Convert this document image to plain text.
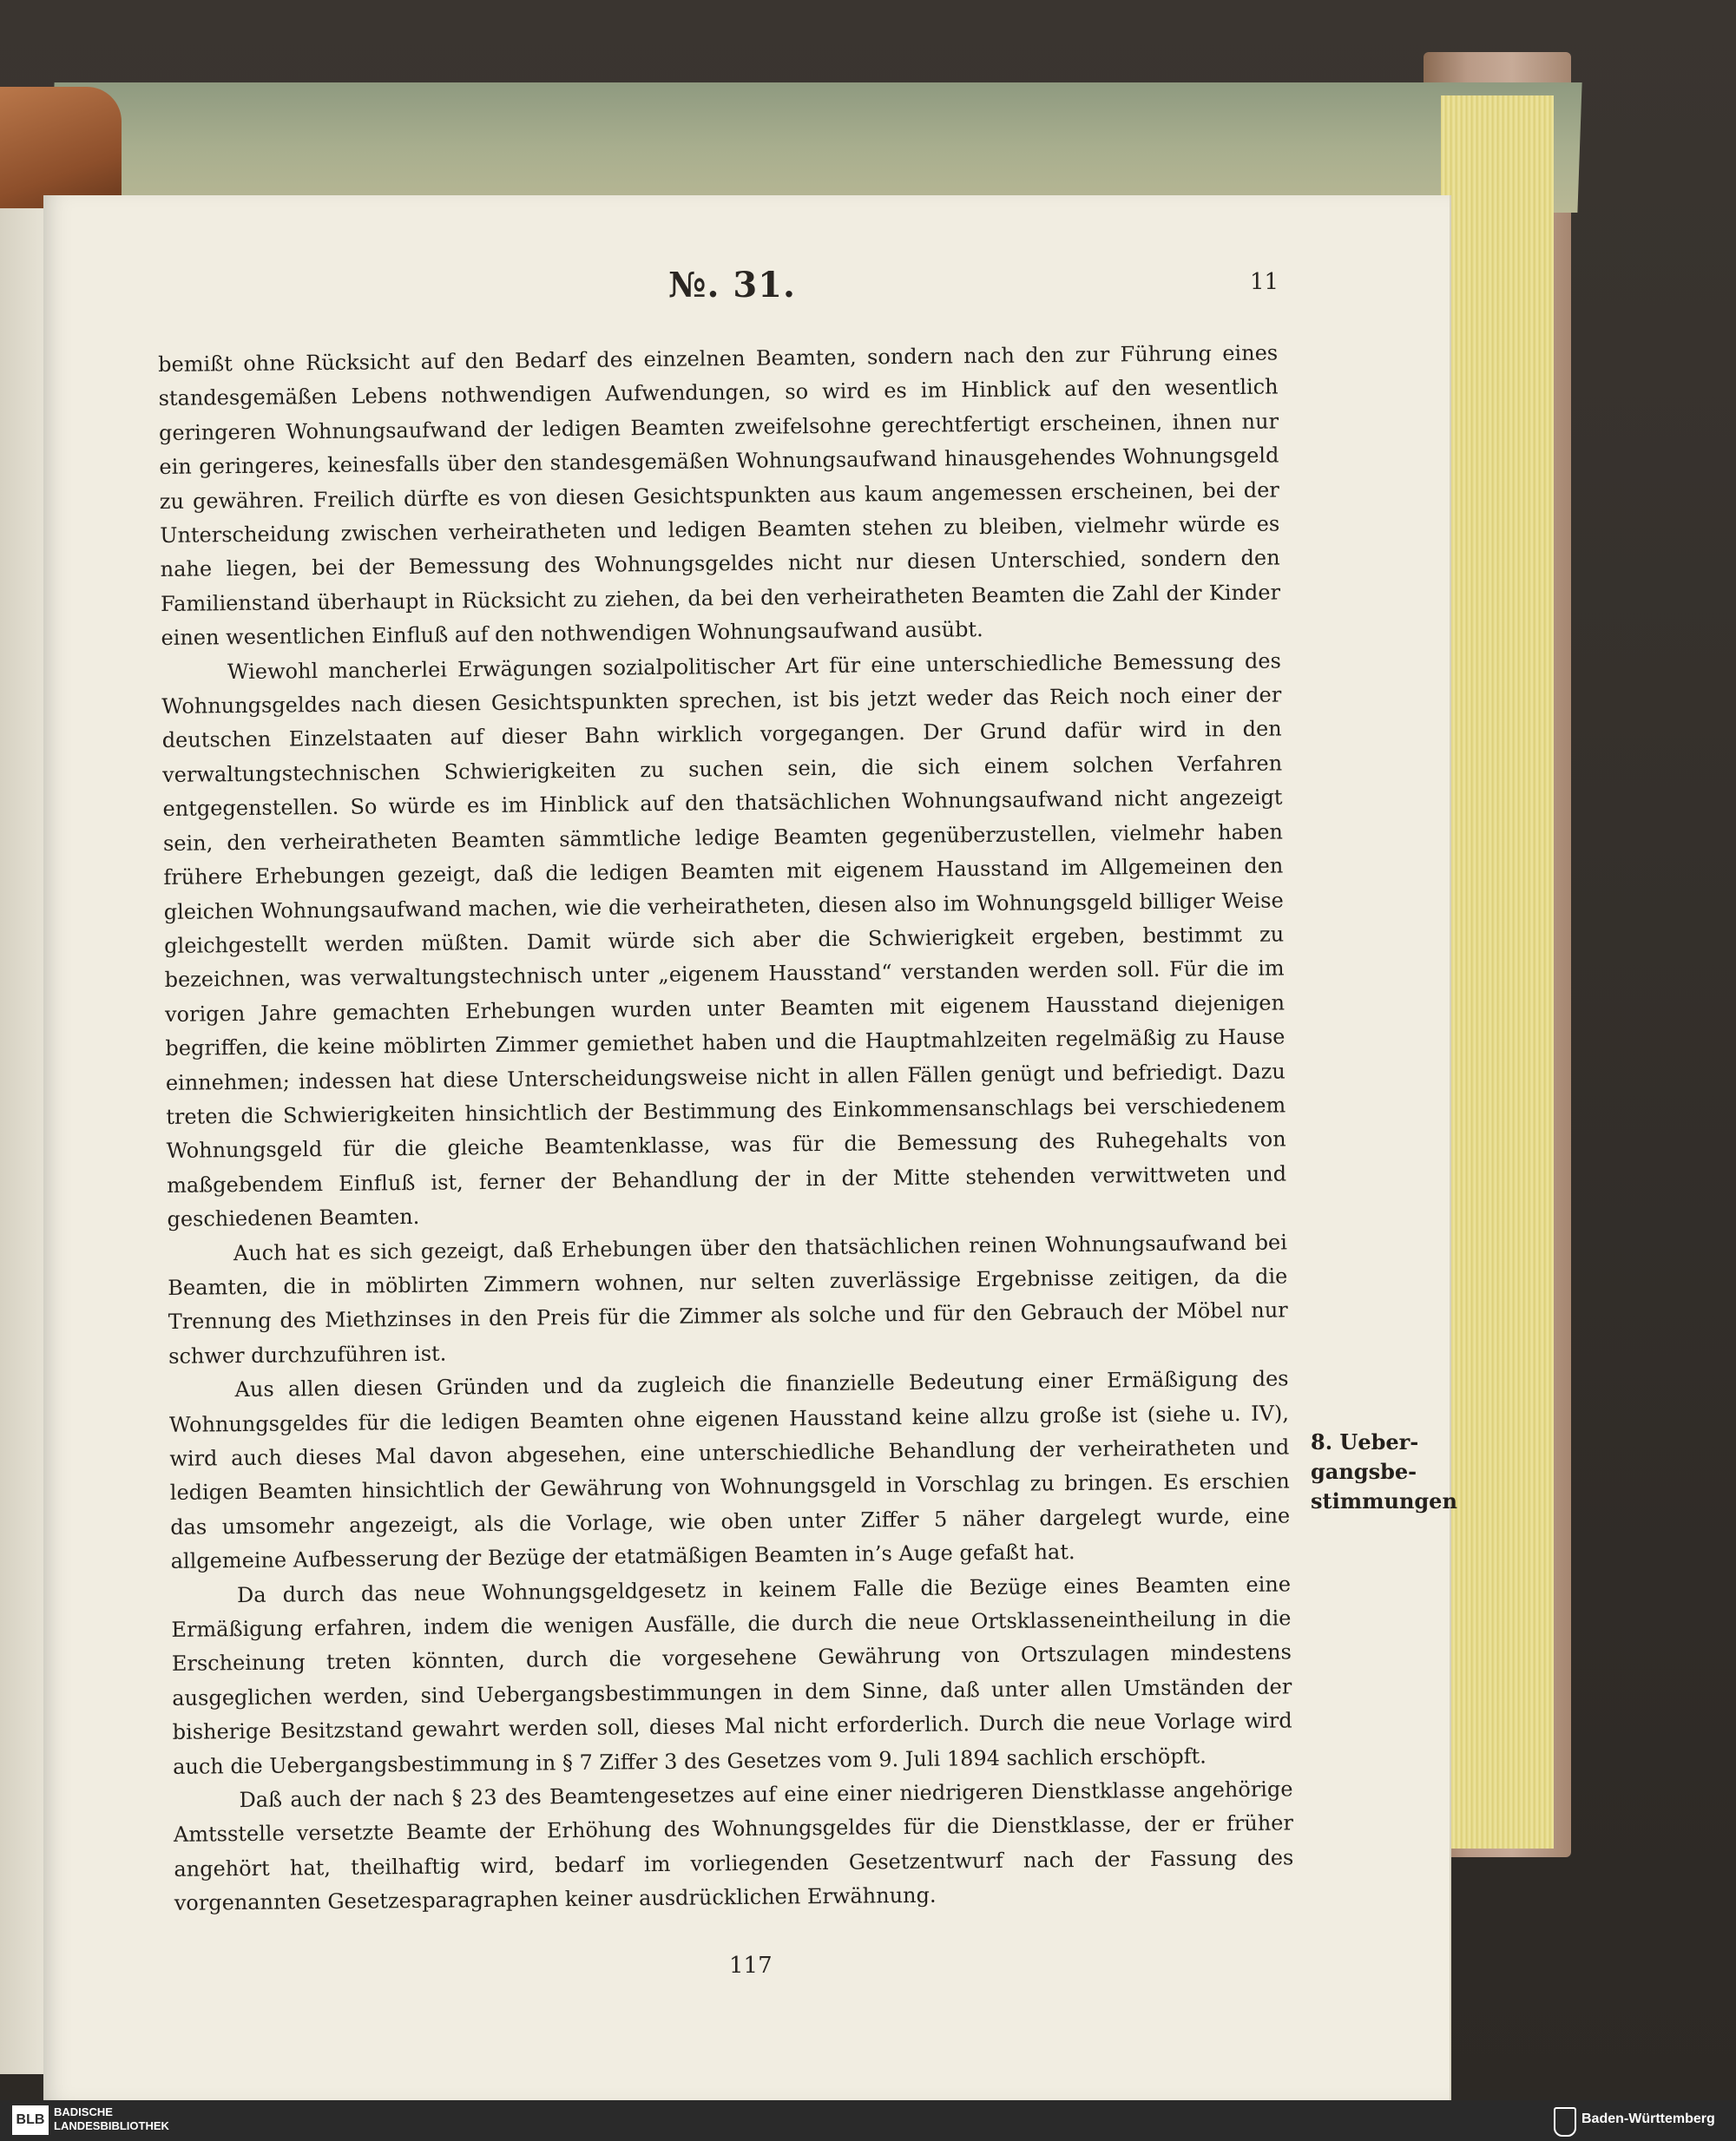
№. 31.	11

bemißt ohne Rücksicht auf den Bedarf des einzelnen Beamten, sondern nach den zur Führung eines standesgemäßen Lebens nothwendigen Aufwendungen, so wird es im Hinblick auf den wesentlich geringeren Wohnungsaufwand der ledigen Beamten zweifelsohne gerechtfertigt erscheinen, ihnen nur ein geringeres, keinesfalls über den standesgemäßen Wohnungsaufwand hinausgehendes Wohnungsgeld zu gewähren. Freilich dürfte es von diesen Gesichtspunkten aus kaum angemessen erscheinen, bei der Unterscheidung zwischen verheiratheten und ledigen Beamten stehen zu bleiben, vielmehr würde es nahe liegen, bei der Bemessung des Wohnungsgeldes nicht nur diesen Unterschied, sondern den Familienstand überhaupt in Rücksicht zu ziehen, da bei den verheiratheten Beamten die Zahl der Kinder einen wesentlichen Einfluß auf den nothwendigen Wohnungsaufwand ausübt.

Wiewohl mancherlei Erwägungen sozialpolitischer Art für eine unterschiedliche Bemessung des Wohnungsgeldes nach diesen Gesichtspunkten sprechen, ist bis jetzt weder das Reich noch einer der deutschen Einzelstaaten auf dieser Bahn wirklich vorgegangen. Der Grund dafür wird in den verwaltungstechnischen Schwierigkeiten zu suchen sein, die sich einem solchen Verfahren entgegenstellen. So würde es im Hinblick auf den thatsächlichen Wohnungsaufwand nicht angezeigt sein, den verheiratheten Beamten sämmtliche ledige Beamten gegenüberzustellen, vielmehr haben frühere Erhebungen gezeigt, daß die ledigen Beamten mit eigenem Hausstand im Allgemeinen den gleichen Wohnungsaufwand machen, wie die verheiratheten, diesen also im Wohnungsgeld billiger Weise gleichgestellt werden müßten. Damit würde sich aber die Schwierigkeit ergeben, bestimmt zu bezeichnen, was verwaltungstechnisch unter „eigenem Hausstand“ verstanden werden soll. Für die im vorigen Jahre gemachten Erhebungen wurden unter Beamten mit eigenem Hausstand diejenigen begriffen, die keine möblirten Zimmer gemiethet haben und die Hauptmahlzeiten regelmäßig zu Hause einnehmen; indessen hat diese Unterscheidungsweise nicht in allen Fällen genügt und befriedigt. Dazu treten die Schwierigkeiten hinsichtlich der Bestimmung des Einkommensanschlags bei verschiedenem Wohnungsgeld für die gleiche Beamtenklasse, was für die Bemessung des Ruhegehalts von maßgebendem Einfluß ist, ferner der Behandlung der in der Mitte stehenden verwittweten und geschiedenen Beamten.

Auch hat es sich gezeigt, daß Erhebungen über den thatsächlichen reinen Wohnungsaufwand bei Beamten, die in möblirten Zimmern wohnen, nur selten zuverlässige Ergebnisse zeitigen, da die Trennung des Miethzinses in den Preis für die Zimmer als solche und für den Gebrauch der Möbel nur schwer durchzuführen ist.

Aus allen diesen Gründen und da zugleich die finanzielle Bedeutung einer Ermäßigung des Wohnungsgeldes für die ledigen Beamten ohne eigenen Hausstand keine allzu große ist (siehe u. IV), wird auch dieses Mal davon abgesehen, eine unterschiedliche Behandlung der verheiratheten und ledigen Beamten hinsichtlich der Gewährung von Wohnungsgeld in Vorschlag zu bringen. Es erschien das umsomehr angezeigt, als die Vorlage, wie oben unter Ziffer 5 näher dargelegt wurde, eine allgemeine Aufbesserung der Bezüge der etatmäßigen Beamten in’s Auge gefaßt hat.

Da durch das neue Wohnungsgeldgesetz in keinem Falle die Bezüge eines Beamten eine Ermäßigung erfahren, indem die wenigen Ausfälle, die durch die neue Ortsklasseneintheilung in die Erscheinung treten könnten, durch die vorgesehene Gewährung von Ortszulagen mindestens ausgeglichen werden, sind Uebergangsbestimmungen in dem Sinne, daß unter allen Umständen der bisherige Besitzstand gewahrt werden soll, dieses Mal nicht erforderlich. Durch die neue Vorlage wird auch die Uebergangsbestimmung in § 7 Ziffer 3 des Gesetzes vom 9. Juli 1894 sachlich erschöpft.

Daß auch der nach § 23 des Beamtengesetzes auf eine einer niedrigeren Dienstklasse angehörige Amtsstelle versetzte Beamte der Erhöhung des Wohnungsgeldes für die Dienstklasse, der er früher angehört hat, theilhaftig wird, bedarf im vorliegenden Gesetzentwurf nach der Fassung des vorgenannten Gesetzesparagraphen keiner ausdrücklichen Erwähnung.

8. Ueber-
gangsbe-
stimmungen
117
BLB
BADISCHE
LANDESBIBLIOTHEK	Baden-Württemberg
